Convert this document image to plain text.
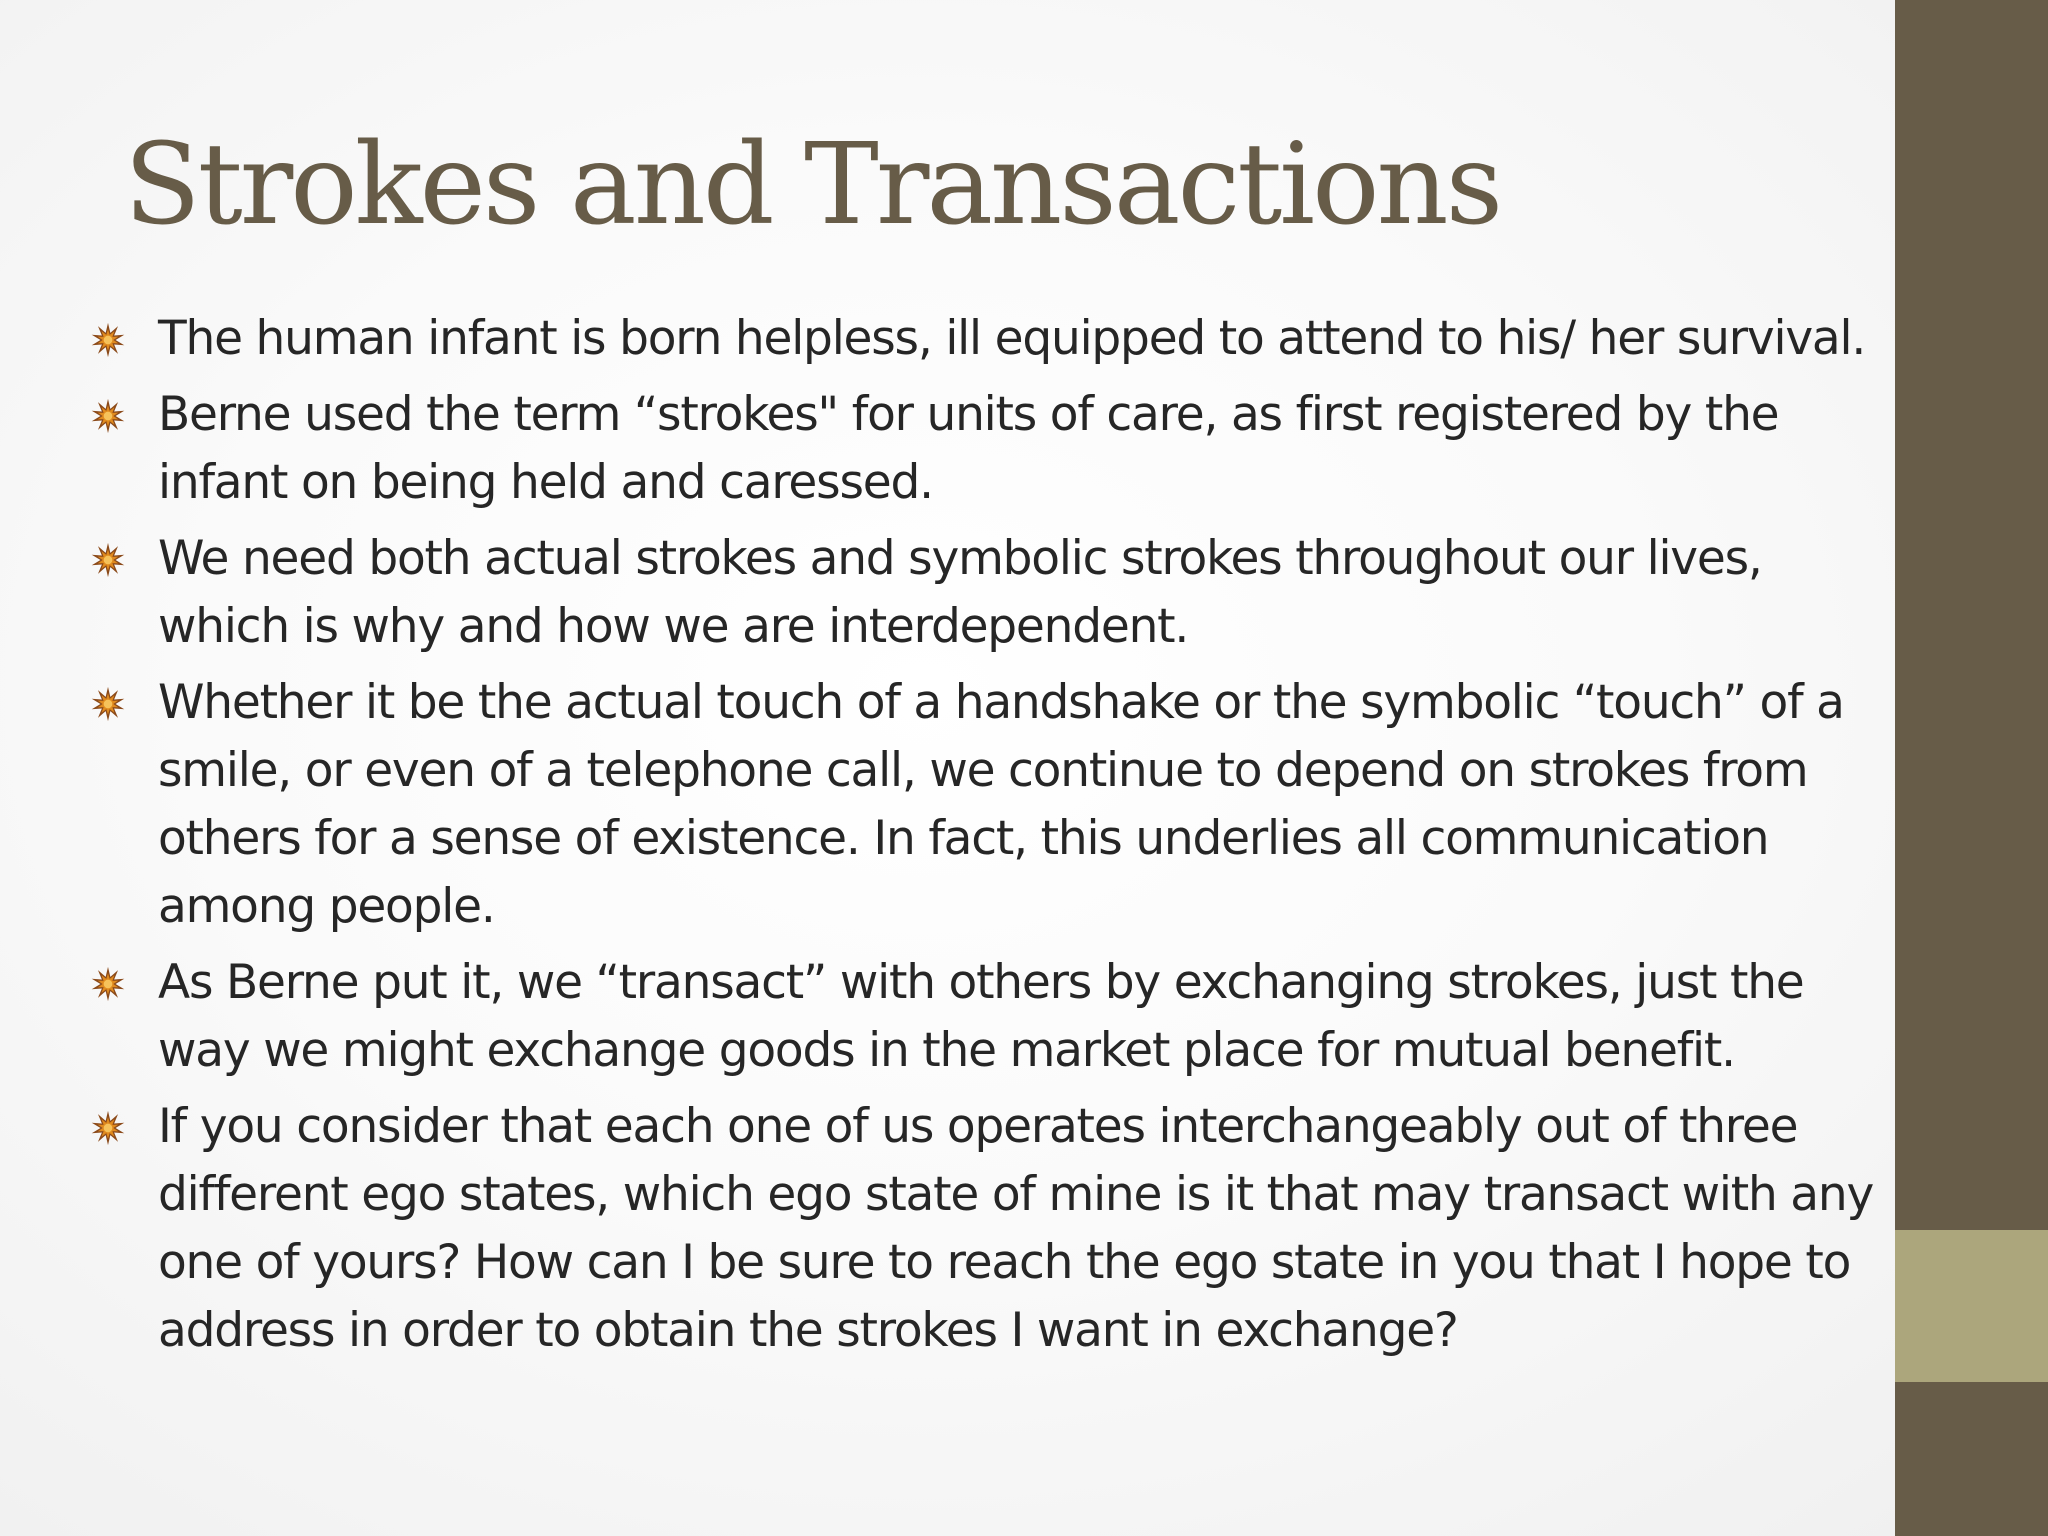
Strokes and Transactions
The human infant is born helpless, ill equipped to attend to his/ her survival.
Berne used the term “strokes" for units of care, as first registered by the infant on being held and caressed.
We need both actual strokes and symbolic strokes throughout our lives, which is why and how we are interdependent.
Whether it be the actual touch of a handshake or the symbolic “touch” of a smile, or even of a telephone call, we continue to depend on strokes from others for a sense of existence. In fact, this underlies all communication among people.
As Berne put it, we “transact” with others by exchanging strokes, just the way we might exchange goods in the market place for mutual benefit.
If you consider that each one of us operates interchangeably out of three different ego states, which ego state of mine is it that may transact with any one of yours? How can I be sure to reach the ego state in you that I hope to address in order to obtain the strokes I want in exchange?
